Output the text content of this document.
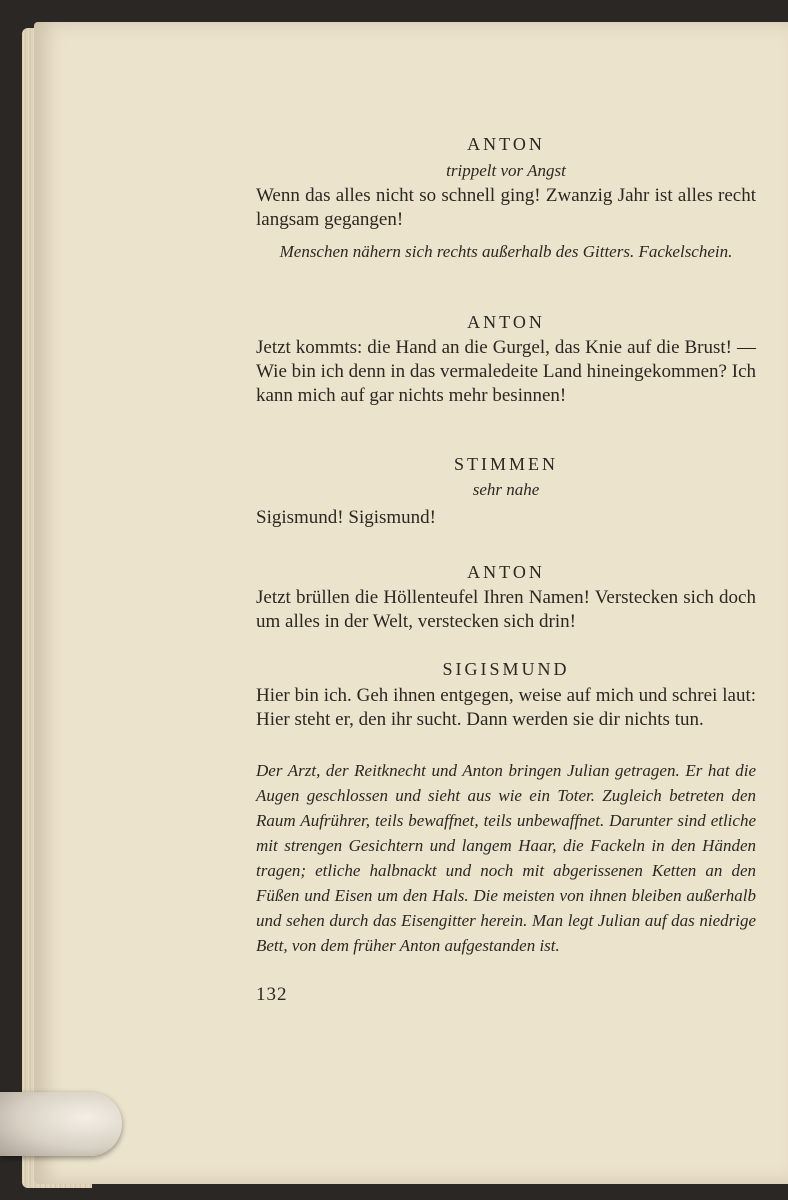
ANTON
trippelt vor Angst
Wenn das alles nicht so schnell ging! Zwanzig Jahr ist alles recht langsam gegangen!
Menschen nähern sich rechts außerhalb des Gitters. Fackelschein.
ANTON
Jetzt kommts: die Hand an die Gurgel, das Knie auf die Brust! — Wie bin ich denn in das vermaledeite Land hineingekommen? Ich kann mich auf gar nichts mehr besinnen!
STIMMEN
sehr nahe
Sigismund! Sigismund!
ANTON
Jetzt brüllen die Höllenteufel Ihren Namen! Verstecken sich doch um alles in der Welt, verstecken sich drin!
SIGISMUND
Hier bin ich. Geh ihnen entgegen, weise auf mich und schrei laut: Hier steht er, den ihr sucht. Dann werden sie dir nichts tun.
Der Arzt, der Reitknecht und Anton bringen Julian getragen. Er hat die Augen geschlossen und sieht aus wie ein Toter. Zugleich betreten den Raum Aufrührer, teils bewaffnet, teils unbewaffnet. Darunter sind etliche mit strengen Gesichtern und langem Haar, die Fackeln in den Händen tragen; etliche halbnackt und noch mit abgerissenen Ketten an den Füßen und Eisen um den Hals. Die meisten von ihnen bleiben außerhalb und sehen durch das Eisengitter herein. Man legt Julian auf das niedrige Bett, von dem früher Anton aufgestanden ist.
132
